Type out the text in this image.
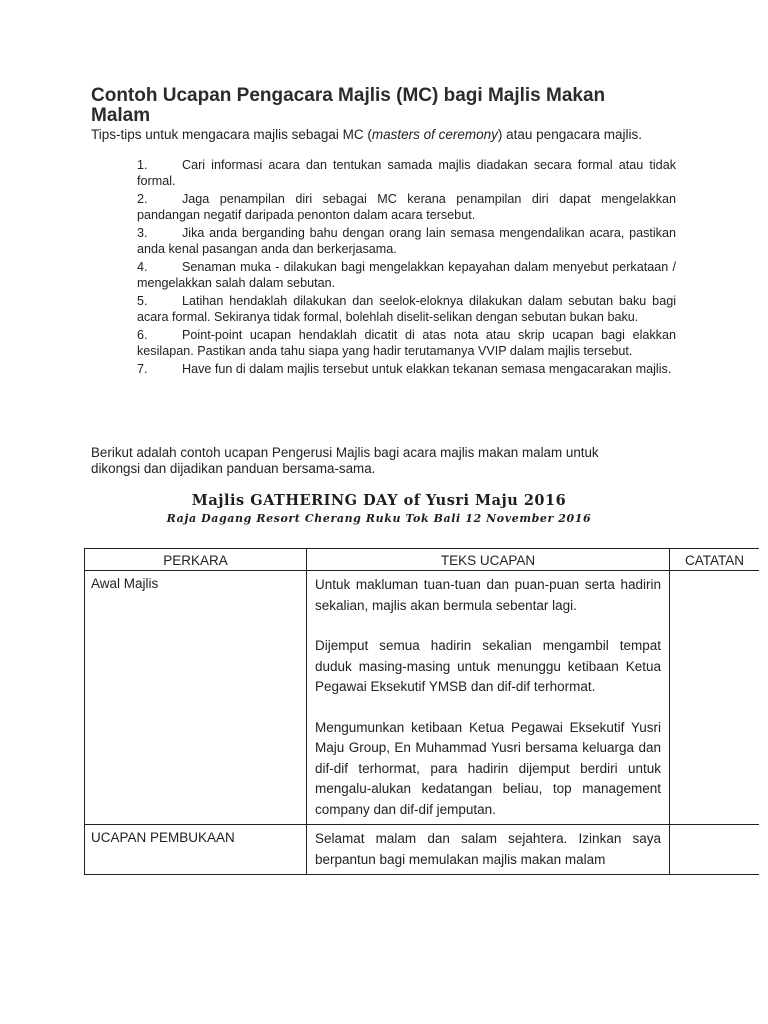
Contoh Ucapan Pengacara Majlis (MC) bagi Majlis Makan Malam
Tips-tips untuk mengacara majlis sebagai MC (masters of ceremony) atau pengacara majlis.
1.	Cari informasi acara dan tentukan samada majlis diadakan secara formal atau tidak formal.
2.	Jaga penampilan diri sebagai MC kerana penampilan diri dapat mengelakkan pandangan negatif daripada penonton dalam acara tersebut.
3.	Jika anda berganding bahu dengan orang lain semasa mengendalikan acara, pastikan anda kenal pasangan anda dan berkerjasama.
4.	Senaman muka - dilakukan bagi mengelakkan kepayahan dalam menyebut perkataan / mengelakkan salah dalam sebutan.
5.	Latihan hendaklah dilakukan dan seelok-eloknya dilakukan dalam sebutan baku bagi acara formal. Sekiranya tidak formal, bolehlah diselit-selikan dengan sebutan bukan baku.
6.	Point-point ucapan hendaklah dicatit di atas nota atau skrip ucapan bagi elakkan kesilapan. Pastikan anda tahu siapa yang hadir terutamanya VVIP dalam majlis tersebut.
7.	Have fun di dalam majlis tersebut untuk elakkan tekanan semasa mengacarakan majlis.
Berikut adalah contoh ucapan Pengerusi Majlis bagi acara majlis makan malam untuk dikongsi dan dijadikan panduan bersama-sama.
Majlis GATHERING DAY of Yusri Maju 2016
Raja Dagang Resort Cherang Ruku Tok Bali 12 November 2016
PERKARA	TEKS UCAPAN	CATATAN
Awal Majlis	Untuk makluman tuan-tuan dan puan-puan serta hadirin sekalian, majlis akan bermula sebentar lagi.

Dijemput semua hadirin sekalian mengambil tempat duduk masing-masing untuk menunggu ketibaan Ketua Pegawai Eksekutif YMSB dan dif-dif terhormat.

Mengumunkan ketibaan Ketua Pegawai Eksekutif Yusri Maju Group, En Muhammad Yusri bersama keluarga dan dif-dif terhormat, para hadirin dijemput berdiri untuk mengalu-alukan kedatangan beliau, top management company dan dif-dif jemputan.	

UCAPAN PEMBUKAAN	Selamat malam dan salam sejahtera. Izinkan saya berpantun bagi memulakan majlis makan malam	
